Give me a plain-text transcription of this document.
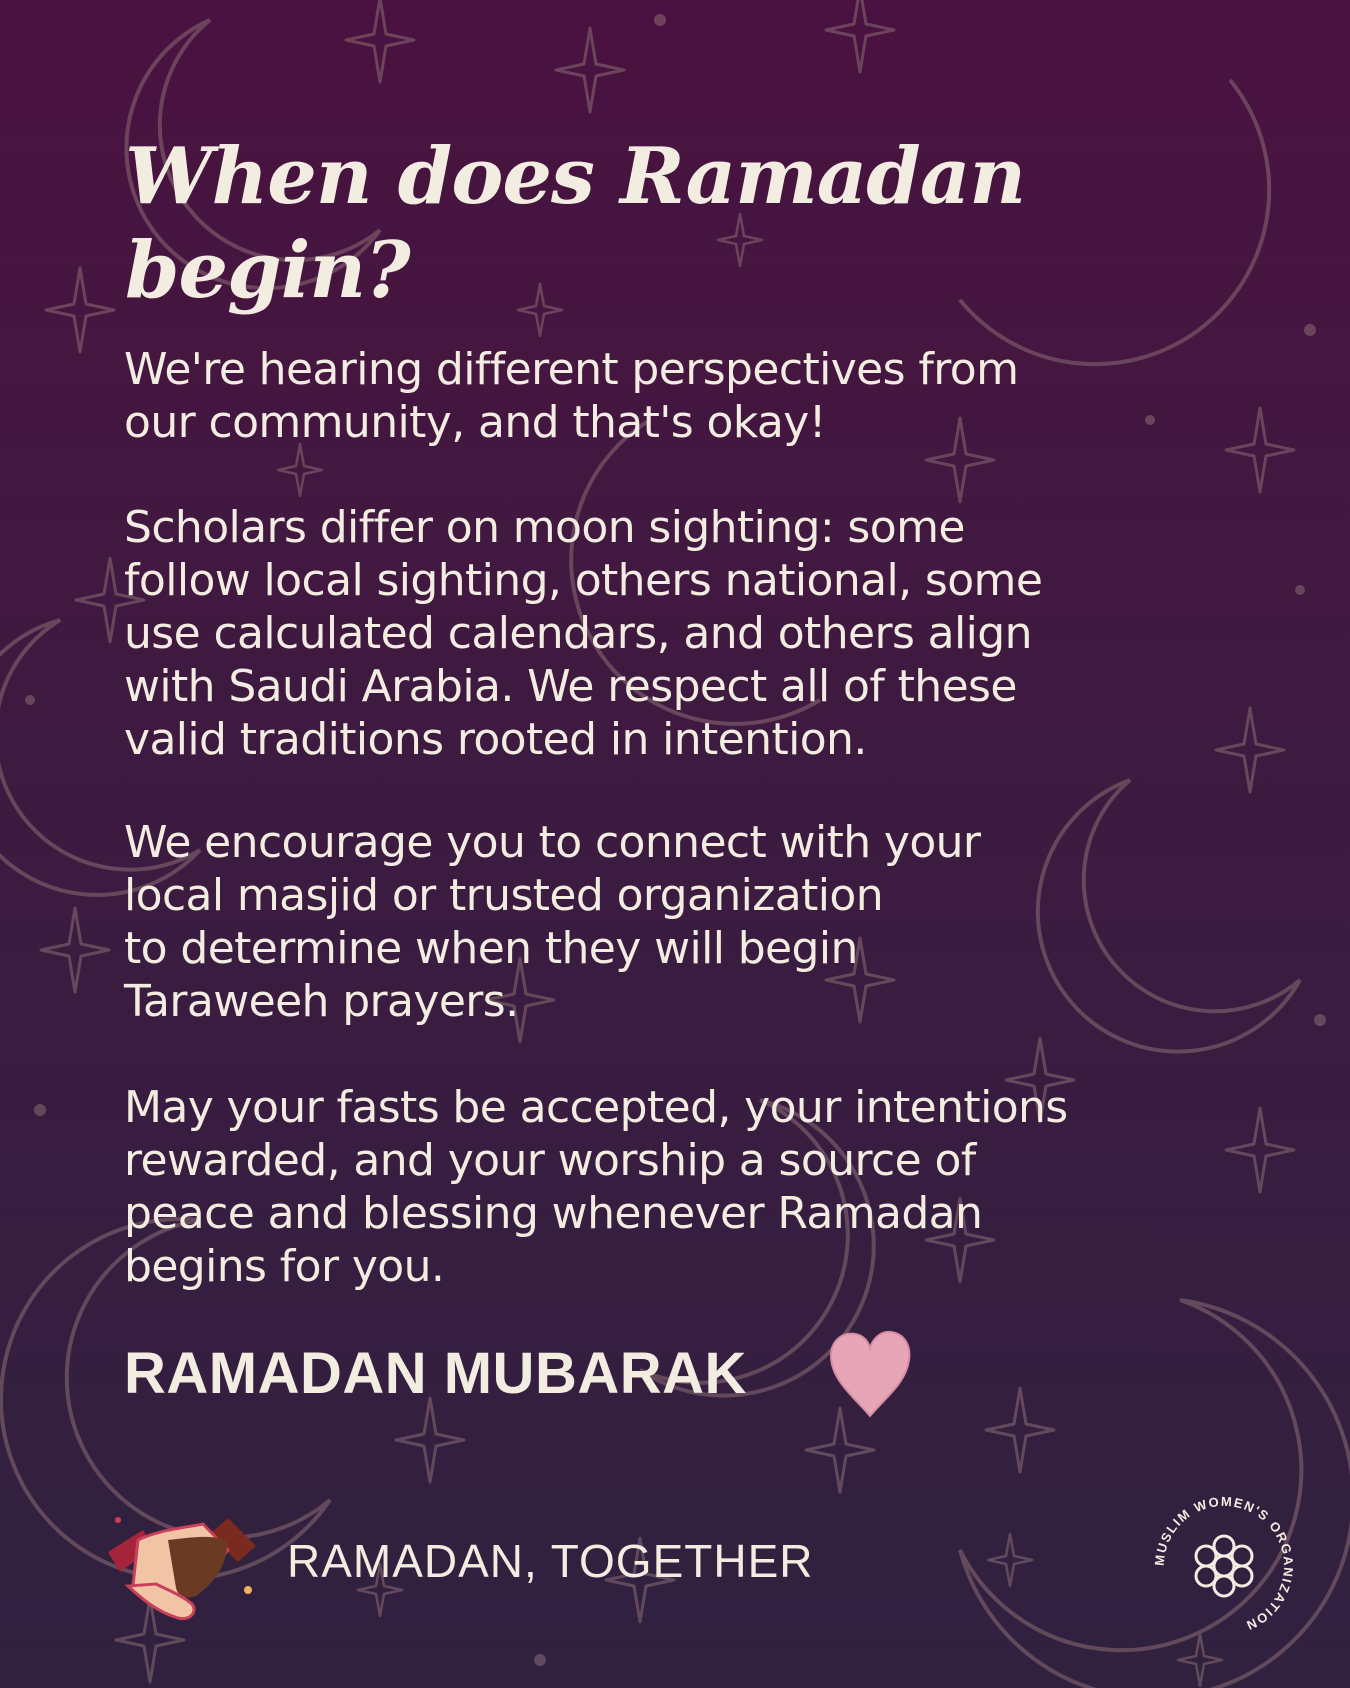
When does Ramadan begin?
We're hearing different perspectives from
our community, and that's okay!
Scholars differ on moon sighting: some
follow local sighting, others national, some
use calculated calendars, and others align
with Saudi Arabia. We respect all of these
valid traditions rooted in intention.
We encourage you to connect with your
local masjid or trusted organization
to determine when they will begin
Taraweeh prayers.
May your fasts be accepted, your intentions
rewarded, and your worship a source of
peace and blessing whenever Ramadan
begins for you.
RAMADAN MUBARAK
RAMADAN, TOGETHER	MUSLIM WOMEN'S ORGANIZATION
